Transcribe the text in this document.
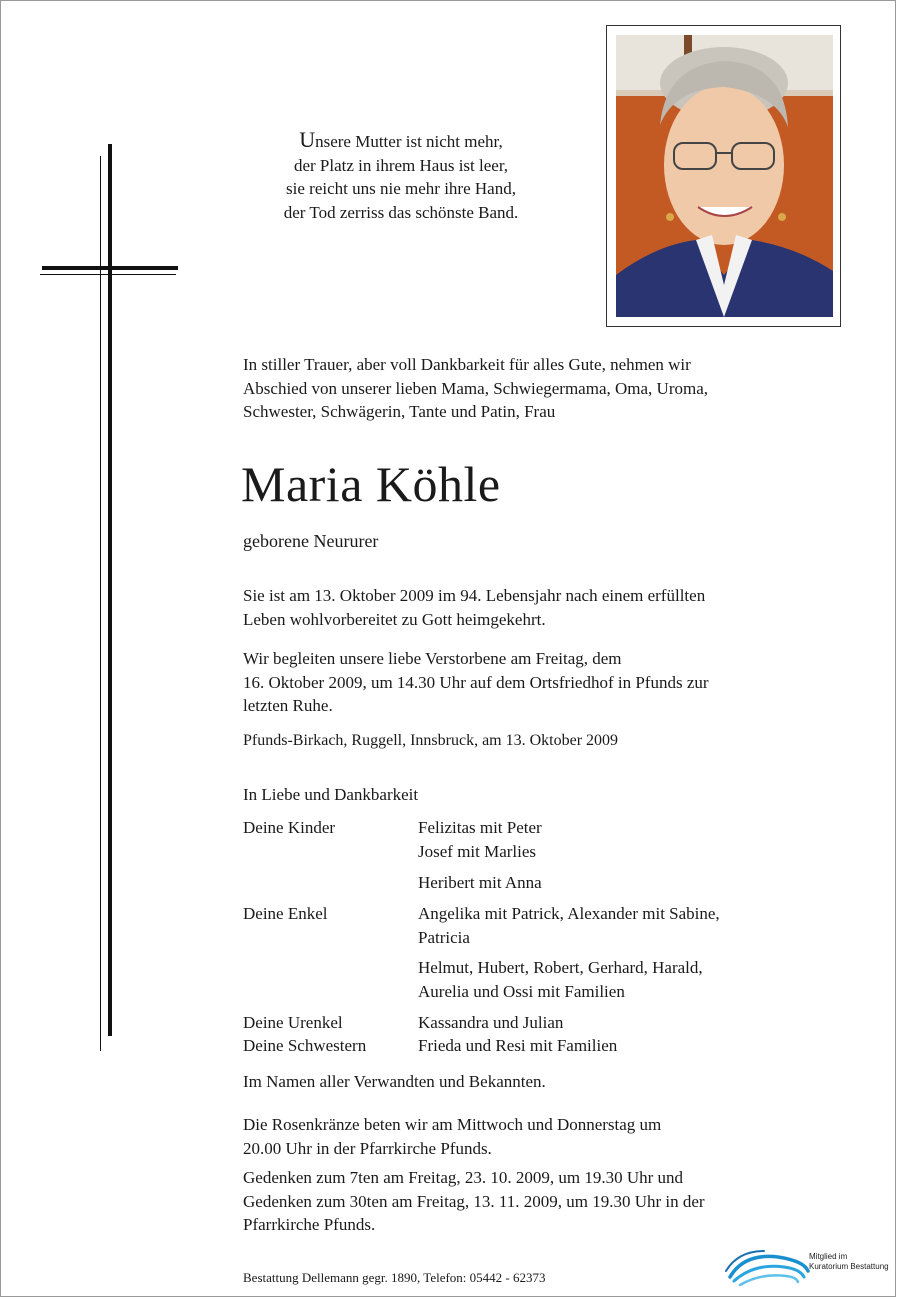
Unsere Mutter ist nicht mehr,
der Platz in ihrem Haus ist leer,
sie reicht uns nie mehr ihre Hand,
der Tod zerriss das schönste Band.
In stiller Trauer, aber voll Dankbarkeit für alles Gute, nehmen wir
Abschied von unserer lieben Mama, Schwiegermama, Oma, Uroma,
Schwester, Schwägerin, Tante und Patin, Frau
Maria Köhle
geborene Neururer
Sie ist am 13. Oktober 2009 im 94. Lebensjahr nach einem erfüllten
Leben wohlvorbereitet zu Gott heimgekehrt.
Wir begleiten unsere liebe Verstorbene am Freitag, dem
16. Oktober 2009, um 14.30 Uhr auf dem Ortsfriedhof in Pfunds zur
letzten Ruhe.
Pfunds-Birkach, Ruggell, Innsbruck, am 13. Oktober 2009
In Liebe und Dankbarkeit
Deine Kinder	Felizitas mit Peter
Josef mit Marlies
Heribert mit Anna
Deine Enkel	Angelika mit Patrick, Alexander mit Sabine,
Patricia
Helmut, Hubert, Robert, Gerhard, Harald,
Aurelia und Ossi mit Familien
Deine Urenkel	Kassandra und Julian
Deine Schwestern	Frieda und Resi mit Familien
Im Namen aller Verwandten und Bekannten.
Die Rosenkränze beten wir am Mittwoch und Donnerstag um
20.00 Uhr in der Pfarrkirche Pfunds.
Gedenken zum 7ten am Freitag, 23. 10. 2009, um 19.30 Uhr und
Gedenken zum 30ten am Freitag, 13. 11. 2009, um 19.30 Uhr in der
Pfarrkirche Pfunds.
Bestattung Dellemann gegr. 1890, Telefon: 05442 - 62373
Mitglied im
Kuratorium Bestattung
